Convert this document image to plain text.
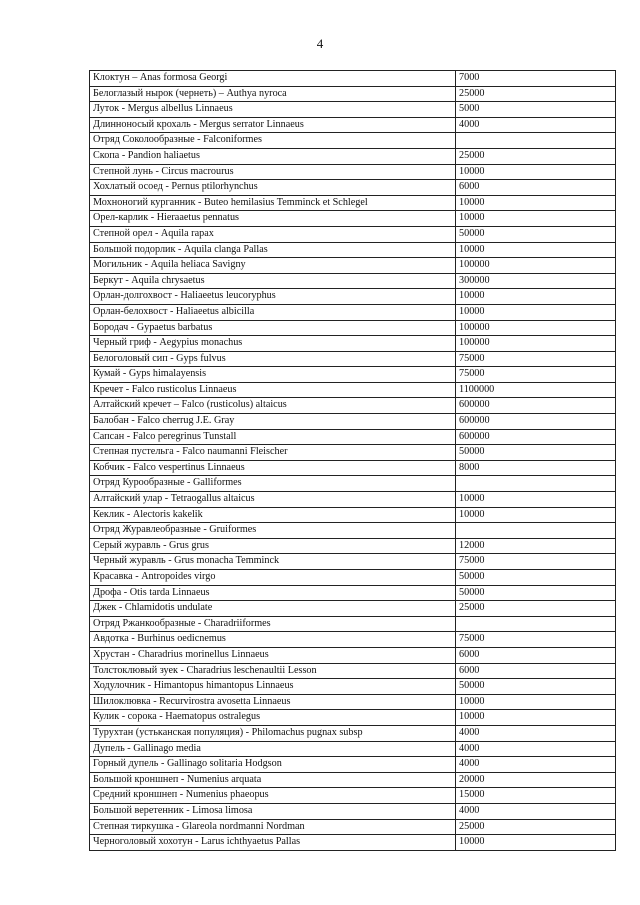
4
Клоктун – Anas formosa Georgi	7000
Белоглазый нырок (чернеть) – Authya nyroca	25000
Луток - Mergus albellus Linnaeus	5000
Длинноносый крохаль - Mergus serrator Linnaeus	4000
Отряд Соколообразные - Falconiformes	
Скопа - Pandion haliaetus	25000
Степной лунь - Circus macrourus	10000
Хохлатый осоед - Pernus ptilorhynchus	6000
Мохноногий курганник - Buteo hemilasius Temminck et Schlegel	10000
Орел-карлик - Hieraaetus pennatus	10000
Степной орел - Aquila rapax	50000
Большой подорлик - Aquila clanga Pallas	10000
Могильник - Aquila heliaca Savigny	100000
Беркут - Aquila chrysaetus	300000
Орлан-долгохвост - Haliaeetus leucoryphus	10000
Орлан-белохвост - Haliaeetus albicilla	10000
Бородач - Gypaetus barbatus	100000
Черный гриф - Aegypius monachus	100000
Белоголовый сип - Gyps fulvus	75000
Кумай - Gyps himalayensis	75000
Кречет - Falco rusticolus Linnaeus	1100000
Алтайский кречет – Falco (rusticolus) altaicus	600000
Балобан - Falco cherrug J.E. Gray	600000
Сапсан - Falco peregrinus Tunstall	600000
Степная пустельга - Falco naumanni Fleischer	50000
Кобчик - Falco vespertinus Linnaeus	8000
Отряд Курообразные - Galliformes	
Алтайский улар - Tetraogallus altaicus	10000
Кеклик - Alectoris kakelik	10000
Отряд Журавлеобразные - Gruiformes	
Серый журавль - Grus grus	12000
Черный журавль - Grus monacha Temminck	75000
Красавка - Antropoides virgo	50000
Дрофа - Otis tarda Linnaeus	50000
Джек - Chlamidotis undulate	25000
Отряд Ржанкообразные - Charadriiformes	
Авдотка - Burhinus oedicnemus	75000
Хрустан - Charadrius morinellus Linnaeus	6000
Толстоклювый зуек - Charadrius leschenaultii Lesson	6000
Ходулочник - Himantopus himantopus Linnaeus	50000
Шилоклювка - Recurvirostra avosetta Linnaeus	10000
Кулик - сорока - Haematopus ostralegus	10000
Турухтан (устьканская популяция) - Philomachus pugnax subsp	4000
Дупель - Gallinago media	4000
Горный дупель - Gallinago solitaria Hodgson	4000
Большой кроншнеп - Numenius arquata	20000
Средний кроншнеп - Numenius phaeopus	15000
Большой веретенник - Limosa limosa	4000
Степная тиркушка - Glareola nordmanni Nordman	25000
Черноголовый хохотун - Larus ichthyaetus Pallas	10000
